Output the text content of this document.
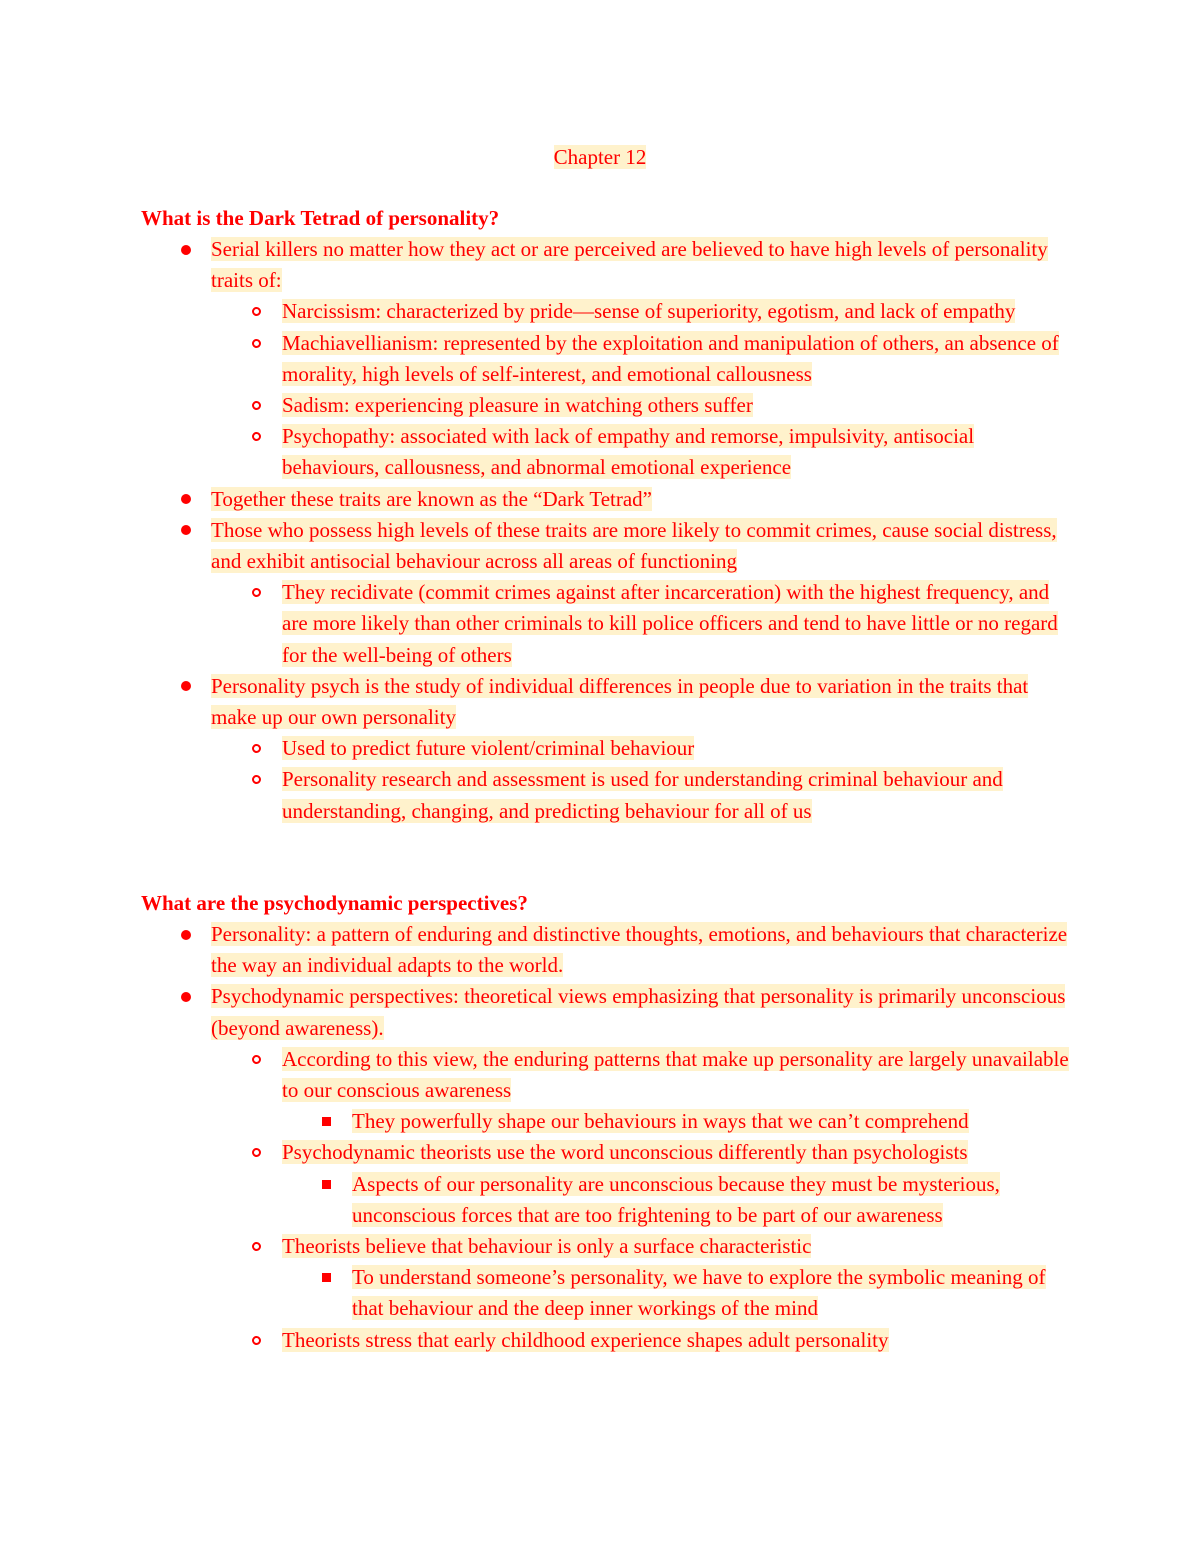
Chapter 12

What is the Dark Tetrad of personality?

Serial killers no matter how they act or are perceived are believed to have high levels of personality traits of:
Narcissism: characterized by pride—sense of superiority, egotism, and lack of empathy
Machiavellianism: represented by the exploitation and manipulation of others, an absence of morality, high levels of self-interest, and emotional callousness
Sadism: experiencing pleasure in watching others suffer
Psychopathy: associated with lack of empathy and remorse, impulsivity, antisocial behaviours, callousness, and abnormal emotional experience
Together these traits are known as the “Dark Tetrad”
Those who possess high levels of these traits are more likely to commit crimes, cause social distress, and exhibit antisocial behaviour across all areas of functioning
They recidivate (commit crimes against after incarceration) with the highest frequency, and are more likely than other criminals to kill police officers and tend to have little or no regard for the well-being of others
Personality psych is the study of individual differences in people due to variation in the traits that make up our own personality
Used to predict future violent/criminal behaviour
Personality research and assessment is used for understanding criminal behaviour and understanding, changing, and predicting behaviour for all of us

What are the psychodynamic perspectives?

Personality: a pattern of enduring and distinctive thoughts, emotions, and behaviours that characterize the way an individual adapts to the world.
Psychodynamic perspectives: theoretical views emphasizing that personality is primarily unconscious (beyond awareness).
According to this view, the enduring patterns that make up personality are largely unavailable to our conscious awareness
They powerfully shape our behaviours in ways that we can’t comprehend
Psychodynamic theorists use the word unconscious differently than psychologists
Aspects of our personality are unconscious because they must be mysterious, unconscious forces that are too frightening to be part of our awareness
Theorists believe that behaviour is only a surface characteristic
To understand someone’s personality, we have to explore the symbolic meaning of that behaviour and the deep inner workings of the mind
Theorists stress that early childhood experience shapes adult personality
